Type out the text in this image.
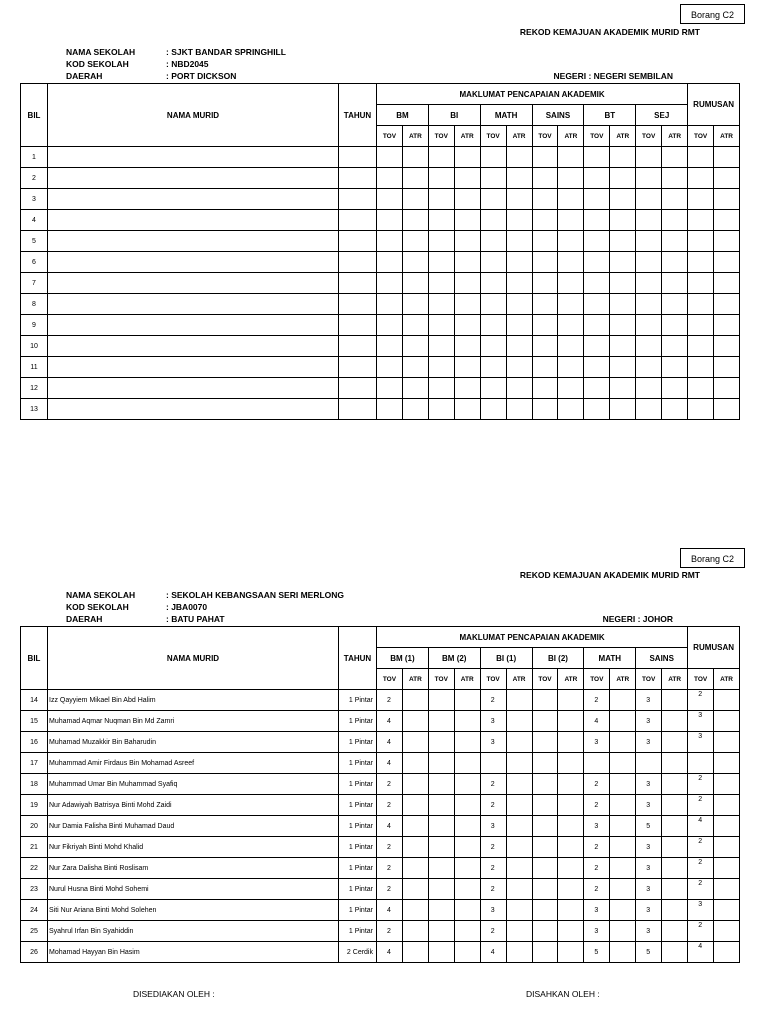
Borang C2
REKOD KEMAJUAN AKADEMIK MURID RMT
NAMA SEKOLAH	: SJKT BANDAR SPRINGHILL
KOD SEKOLAH	: NBD2045
DAERAH	: PORT DICKSON	NEGERI : NEGERI SEMBILAN
BIL	NAMA MURID	TAHUN	MAKLUMAT PENCAPAIAN AKADEMIK												RUMUSAN	
			BM		BI		MATH		SAINS		BT		SEJ			
			TOV	ATR	TOV	ATR	TOV	ATR	TOV	ATR	TOV	ATR	TOV	ATR	TOV	ATR
1																
2																
3																
4																
5																
6																
7																
8																
9																
10																
11																
12																
13																
Borang C2
REKOD KEMAJUAN AKADEMIK MURID RMT
NAMA SEKOLAH	: SEKOLAH KEBANGSAAN SERI MERLONG
KOD SEKOLAH	: JBA0070
DAERAH	: BATU PAHAT	NEGERI : JOHOR
BIL	NAMA MURID	TAHUN	MAKLUMAT PENCAPAIAN AKADEMIK												RUMUSAN	
			BM (1)		BM (2)		BI (1)		BI (2)		MATH		SAINS			
			TOV	ATR	TOV	ATR	TOV	ATR	TOV	ATR	TOV	ATR	TOV	ATR	TOV	ATR
14	Izz Qayyiem Mikael Bin Abd Halim	1 Pintar	2				2				2		3		2	
15	Muhamad Aqmar Nuqman Bin Md Zamri	1 Pintar	4				3				4		3		3	
16	Muhamad Muzakkir Bin Baharudin	1 Pintar	4				3				3		3		3	
17	Muhammad Amir Firdaus Bin Mohamad Asreef	1 Pintar	4													
18	Muhammad Umar Bin Muhammad Syafiq	1 Pintar	2				2				2		3		2	
19	Nur Adawiyah Batrisya Binti Mohd Zaidi	1 Pintar	2				2				2		3		2	
20	Nur Damia Falisha Binti Muhamad Daud	1 Pintar	4				3				3		5		4	
21	Nur Fikriyah Binti Mohd Khalid	1 Pintar	2				2				2		3		2	
22	Nur Zara Dalisha Binti Roslisam	1 Pintar	2				2				2		3		2	
23	Nurul Husna Binti Mohd Sohemi	1 Pintar	2				2				2		3		2	
24	Siti Nur Ariana Binti Mohd Solehen	1 Pintar	4				3				3		3		3	
25	Syahrul Irfan Bin Syahiddin	1 Pintar	2				2				3		3		2	
26	Mohamad Hayyan Bin Hasim	2 Cerdik	4				4				5		5		4	
DISEDIAKAN OLEH :	DISAHKAN OLEH :
